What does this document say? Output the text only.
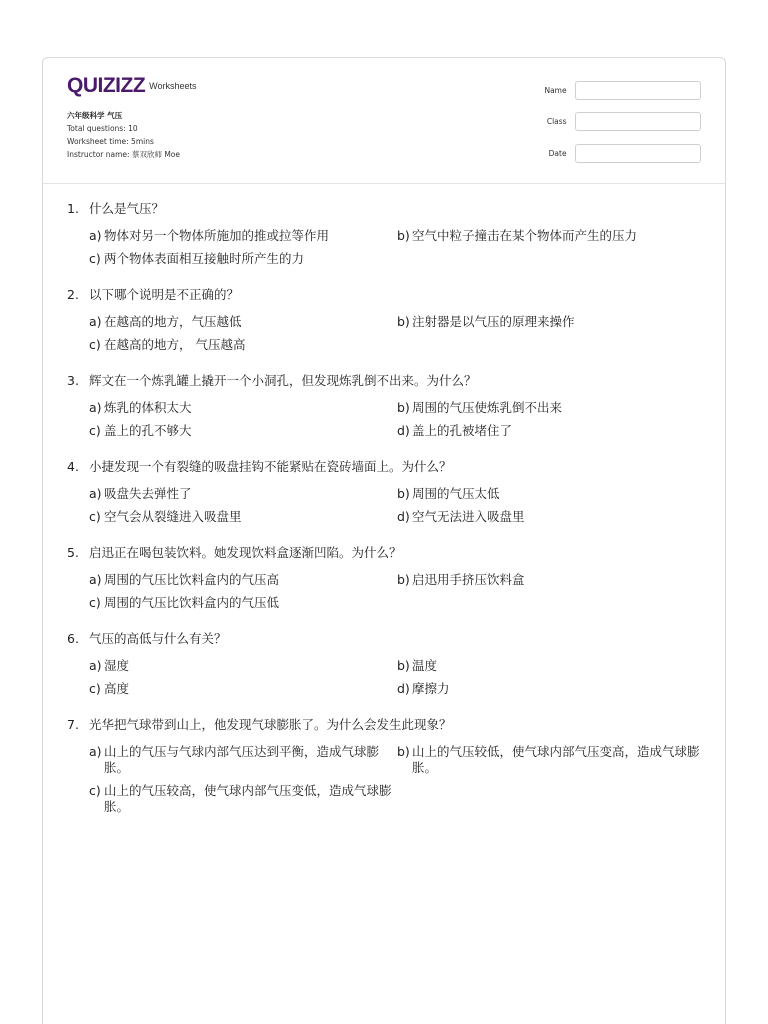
QUIZIZZ Worksheets
六年级科学 气压
Total questions: 10
Worksheet time: 5mins
Instructor name: 蔡双欣师 Moe
Name
Class
Date
1. 什么是气压？
a) 物体对另一个物体所施加的推或拉等作用	b) 空气中粒子撞击在某个物体而产生的压力
c) 两个物体表面相互接触时所产生的力
2. 以下哪个说明是不正确的？
a) 在越高的地方，气压越低	b) 注射器是以气压的原理来操作
c) 在越高的地方， 气压越高
3. 辉文在一个炼乳罐上撬开一个小洞孔，但发现炼乳倒不出来。为什么？
a) 炼乳的体积太大	b) 周围的气压使炼乳倒不出来
c) 盖上的孔不够大	d) 盖上的孔被堵住了
4. 小捷发现一个有裂缝的吸盘挂钩不能紧贴在瓷砖墙面上。为什么？
a) 吸盘失去弹性了	b) 周围的气压太低
c) 空气会从裂缝进入吸盘里	d) 空气无法进入吸盘里
5. 启迅正在喝包装饮料。她发现饮料盒逐渐凹陷。为什么？
a) 周围的气压比饮料盒内的气压高	b) 启迅用手挤压饮料盒
c) 周围的气压比饮料盒内的气压低
6. 气压的高低与什么有关？
a) 湿度	b) 温度
c) 高度	d) 摩擦力
7. 光华把气球带到山上，他发现气球膨胀了。为什么会发生此现象？
a) 山上的气压与气球内部气压达到平衡，造成气球膨胀。
b) 山上的气压较低，使气球内部气压变高，造成气球膨胀。
c) 山上的气压较高，使气球内部气压变低，造成气球膨胀。
